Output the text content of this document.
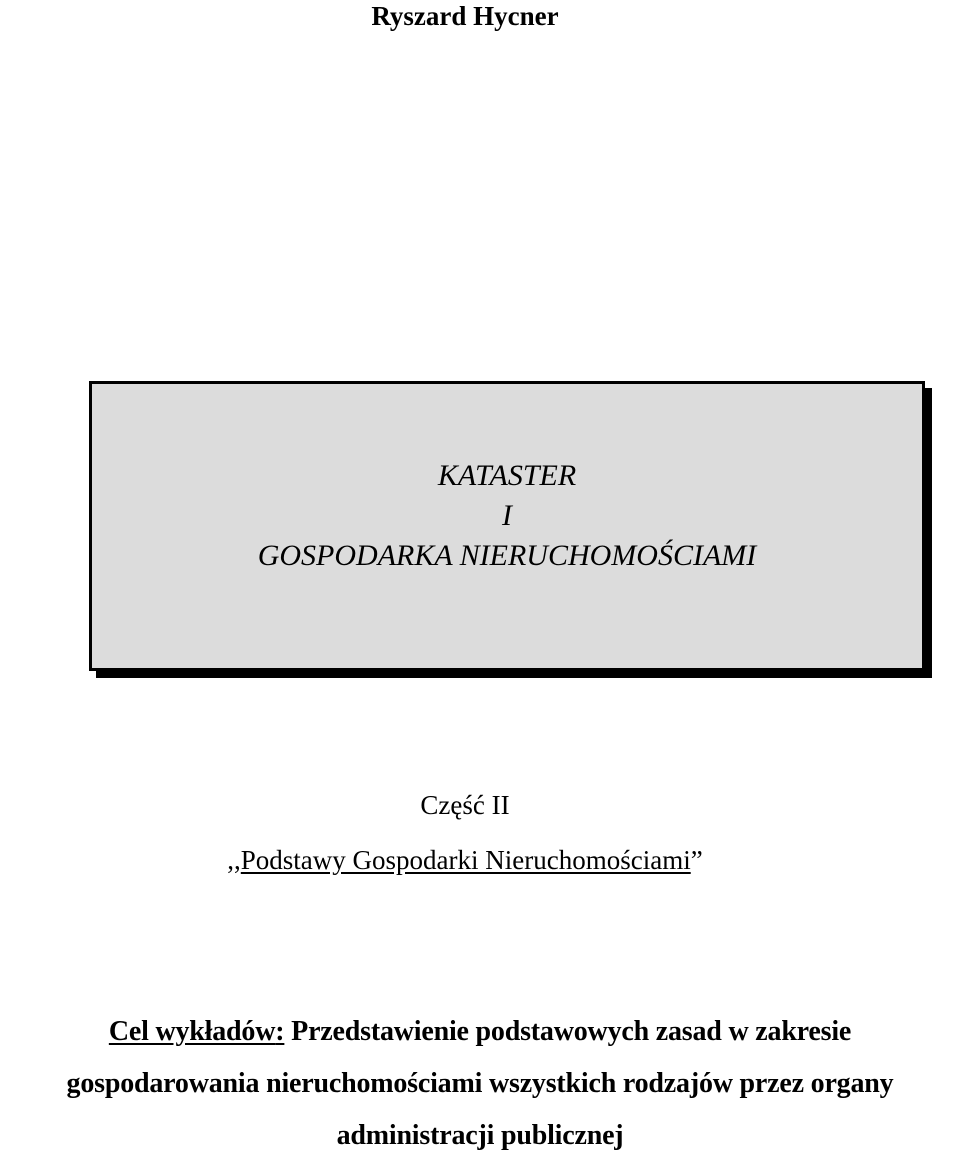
Ryszard Hycner
KATASTER
I
GOSPODARKA NIERUCHOMOŚCIAMI
Część II
,,Podstawy Gospodarki Nieruchomościami”
Cel wykładów: Przedstawienie podstawowych zasad w zakresie
gospodarowania nieruchomościami wszystkich rodzajów przez organy
administracji publicznej
